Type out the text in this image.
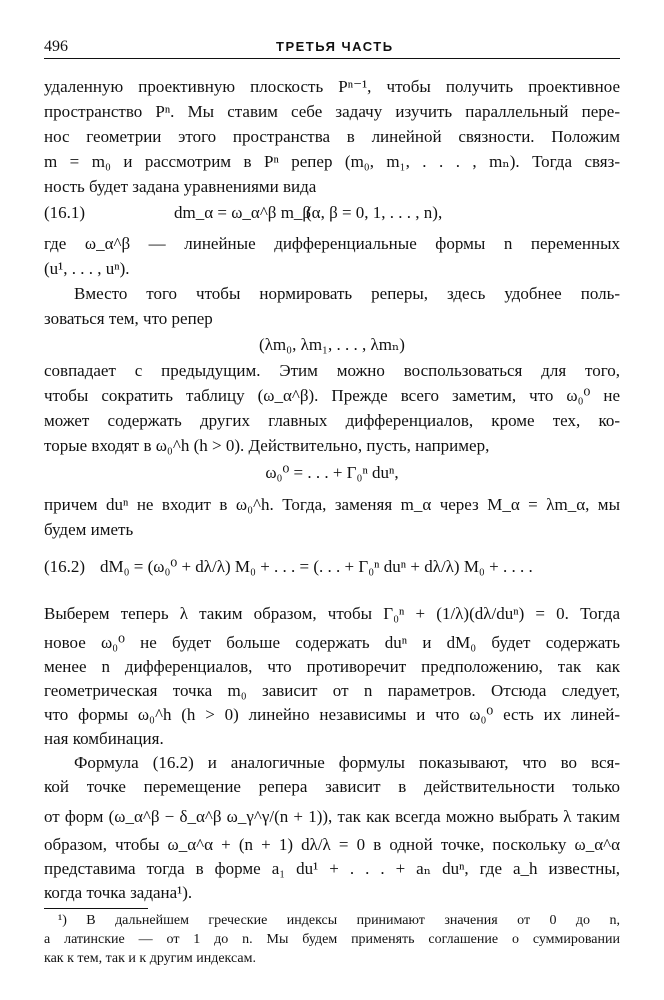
496	ТРЕТЬЯ ЧАСТЬ
удаленную проективную плоскость Pⁿ⁻¹, чтобы получить проективное
пространство Pⁿ. Мы ставим себе задачу изучить параллельный пере-
нос геометрии этого пространства в линейной связности. Положим
m = m₀ и рассмотрим в Pⁿ репер (m₀, m₁, . . . , mₙ). Тогда связ-
ность будет задана уравнениями вида
(16.1)	dm_α = ω_α^β m_β
(α, β = 0, 1, . . . , n),
где ω_α^β — линейные дифференциальные формы n переменных
(u¹, . . . , uⁿ).
Вместо того чтобы нормировать реперы, здесь удобнее поль-
зоваться тем, что репер
(λm₀, λm₁, . . . , λmₙ)
совпадает с предыдущим. Этим можно воспользоваться для того,
чтобы сократить таблицу (ω_α^β). Прежде всего заметим, что ω₀⁰ не
может содержать других главных дифференциалов, кроме тех, ко-
торые входят в ω₀^h (h > 0). Действительно, пусть, например,
ω₀⁰ = . . . + Γ₀ⁿ duⁿ,
причем duⁿ не входит в ω₀^h. Тогда, заменяя m_α через M_α = λm_α, мы
будем иметь
(16.2) dM₀ = (ω₀⁰ + dλ/λ) M₀ + . . . = (. . . + Γ₀ⁿ duⁿ + dλ/λ) M₀ + . . . .
Выберем теперь λ таким образом, чтобы Γ₀ⁿ + (1/λ)(dλ/duⁿ) = 0. Тогда
новое ω₀⁰ не будет больше содержать duⁿ и dM₀ будет содержать
менее n дифференциалов, что противоречит предположению, так как
геометрическая точка m₀ зависит от n параметров. Отсюда следует,
что формы ω₀^h (h > 0) линейно независимы и что ω₀⁰ есть их линей-
ная комбинация.
Формула (16.2) и аналогичные формулы показывают, что во вся-
кой точке перемещение репера зависит в действительности только
от форм (ω_α^β − δ_α^β ω_γ^γ/(n + 1)), так как всегда можно выбрать λ таким
образом, чтобы ω_α^α + (n + 1) dλ/λ = 0 в одной точке, поскольку ω_α^α
представима тогда в форме a₁ du¹ + . . . + aₙ duⁿ, где a_h известны,
когда точка задана¹).
¹) В дальнейшем греческие индексы принимают значения от 0 до n,
а латинские — от 1 до n. Мы будем применять соглашение о суммировании
как к тем, так и к другим индексам.
